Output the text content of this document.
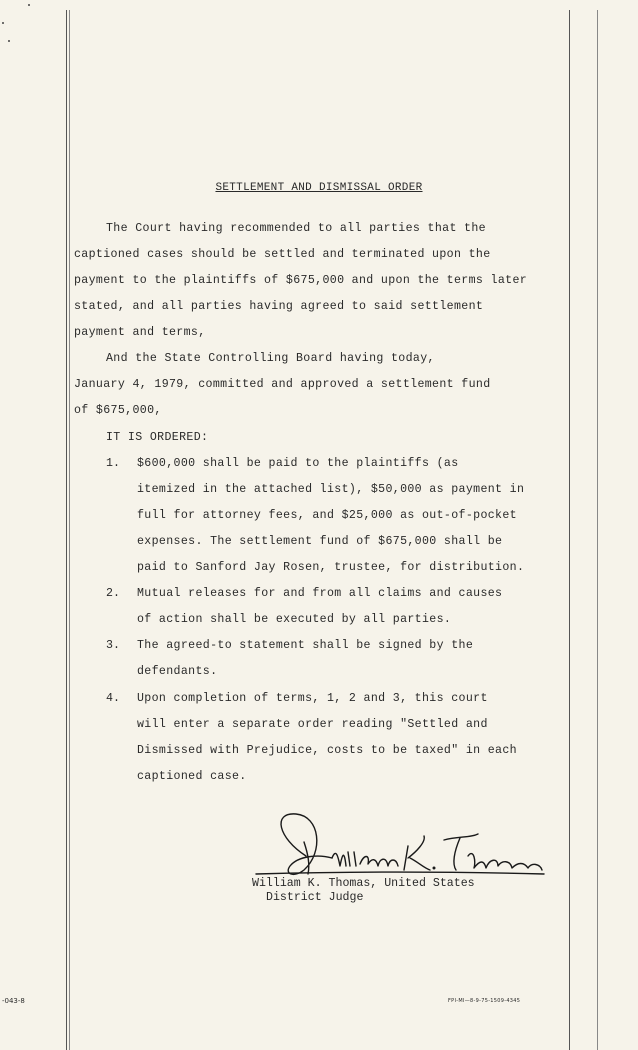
SETTLEMENT AND DISMISSAL ORDER
The Court having recommended to all parties that the
captioned cases should be settled and terminated upon the
payment to the plaintiffs of $675,000 and upon the terms later
stated, and all parties having agreed to said settlement
payment and terms,
And the State Controlling Board having today,
January 4, 1979, committed and approved a settlement fund
of $675,000,
IT IS ORDERED:
1. $600,000 shall be paid to the plaintiffs (as
itemized in the attached list), $50,000 as payment in
full for attorney fees, and $25,000 as out-of-pocket
expenses. The settlement fund of $675,000 shall be
paid to Sanford Jay Rosen, trustee, for distribution.
2. Mutual releases for and from all claims and causes
of action shall be executed by all parties.
3. The agreed-to statement shall be signed by the
defendants.
4. Upon completion of terms, 1, 2 and 3, this court
will enter a separate order reading "Settled and
Dismissed with Prejudice, costs to be taxed" in each
captioned case.
William K. Thomas, United States
District Judge
-043-8	FPI-MI—8-9-75-1509-4345
